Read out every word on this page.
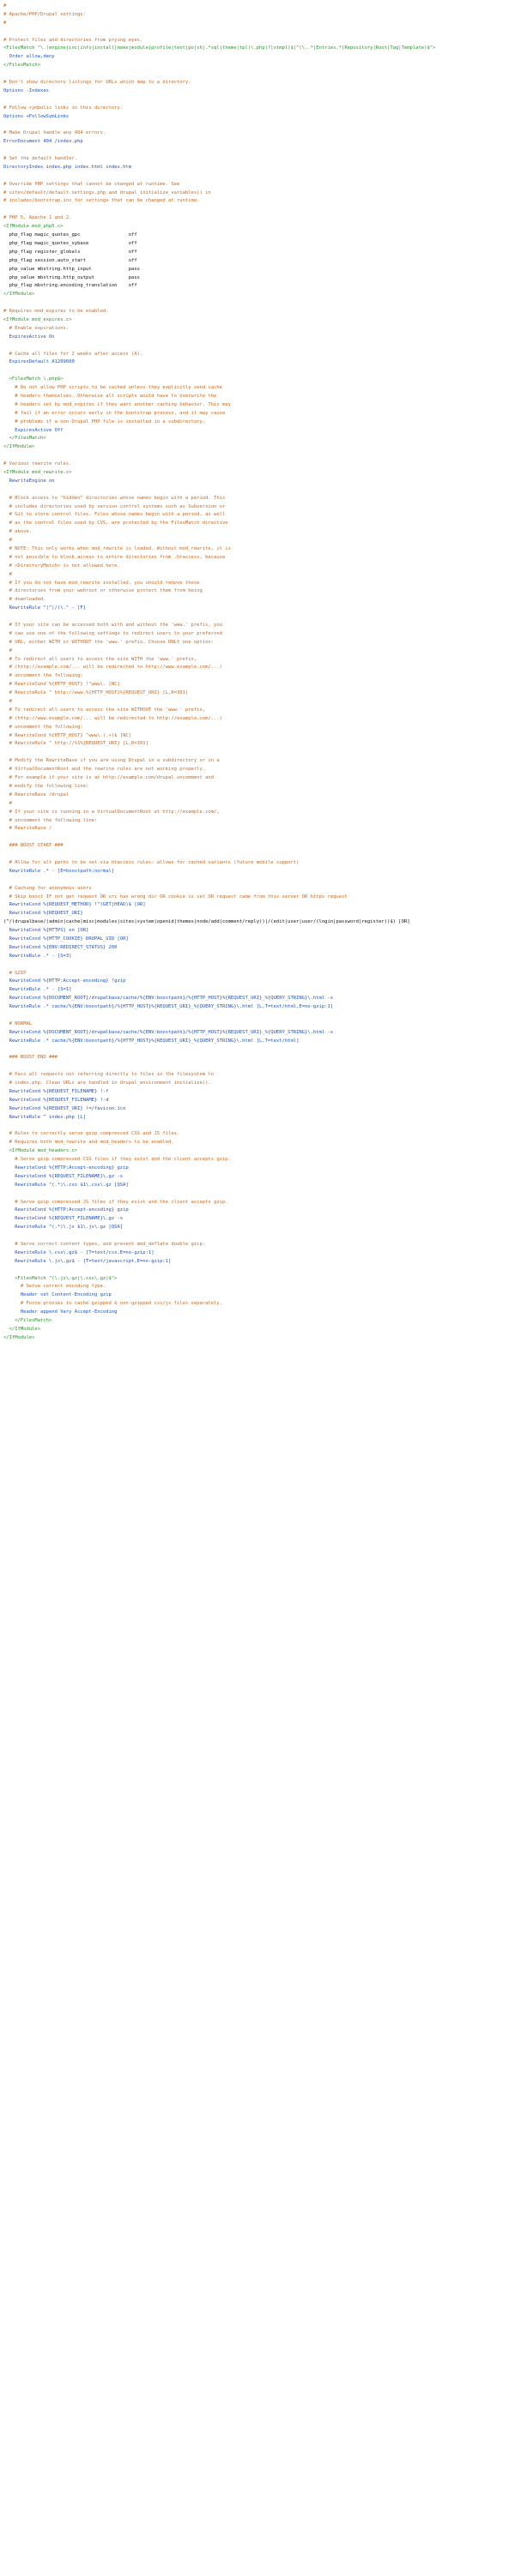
#
# Apache/PHP/Drupal settings:
#
# Protect files and directories from prying eyes.
<FilesMatch "\.(engine|inc|info|install|make|module|profile|test|po|sh|.*sql|theme|tpl(\.php)?|xtmpl)$|^(\..*|Entries.*|Repository|Root|Tag|Template)$">
Order allow,deny
</FilesMatch>
# Don't show directory listings for URLs which map to a directory.
Options -Indexes
# Follow symbolic links in this directory.
Options +FollowSymLinks
# Make Drupal handle any 404 errors.
ErrorDocument 404 /index.php
# Set the default handler.
DirectoryIndex index.php index.html index.htm
# Override PHP settings that cannot be changed at runtime. See
# sites/default/default.settings.php and drupal_initialize_variables() in
# includes/bootstrap.inc for settings that can be changed at runtime.
# PHP 5, Apache 1 and 2.
<IfModule mod_php5.c>
php_flag magic_quotes_gpc                 off
php_flag magic_quotes_sybase              off
php_flag register_globals                 off
php_flag session.auto_start               off
php_value mbstring.http_input             pass
php_value mbstring.http_output            pass
php_flag mbstring.encoding_translation    off
</IfModule>
# Requires mod_expires to be enabled.
<IfModule mod_expires.c>
# Enable expirations.
ExpiresActive On
# Cache all files for 2 weeks after access (A).
ExpiresDefault A1209600
<FilesMatch \.php$>
# Do not allow PHP scripts to be cached unless they explicitly send cache
# headers themselves. Otherwise all scripts would have to overwrite the
# headers set by mod_expires if they want another caching behavior. This may
# fail if an error occurs early in the bootstrap process, and it may cause
# problems if a non-Drupal PHP file is installed in a subdirectory.
ExpiresActive Off
</FilesMatch>
</IfModule>
# Various rewrite rules.
<IfModule mod_rewrite.c>
RewriteEngine on
# Block access to "hidden" directories whose names begin with a period. This
# includes directories used by version control systems such as Subversion or
# Git to store control files. Files whose names begin with a period, as well
# as the control files used by CVS, are protected by the FilesMatch directive
# above.
#
# NOTE: This only works when mod_rewrite is loaded. Without mod_rewrite, it is
# not possible to block access to entire directories from .htaccess, because
# <DirectoryMatch> is not allowed here.
#
# If you do not have mod_rewrite installed, you should remove these
# directories from your webroot or otherwise protect them from being
# downloaded.
RewriteRule "(^|/)\." - [F]
# If your site can be accessed both with and without the 'www.' prefix, you
# can use one of the following settings to redirect users to your preferred
# URL, either WITH or WITHOUT the 'www.' prefix. Choose ONLY one option:
#
# To redirect all users to access the site WITH the 'www.' prefix,
# (http://example.com/... will be redirected to http://www.example.com/...)
# uncomment the following:
# RewriteCond %{HTTP_HOST} !^www\. [NC]
# RewriteRule ^ http://www.%{HTTP_HOST}%{REQUEST_URI} [L,R=301]
#
# To redirect all users to access the site WITHOUT the 'www.' prefix,
# (http://www.example.com/... will be redirected to http://example.com/...)
# uncomment the following:
# RewriteCond %{HTTP_HOST} ^www\.(.+)$ [NC]
# RewriteRule ^ http://%1%{REQUEST_URI} [L,R=301]
# Modify the RewriteBase if you are using Drupal in a subdirectory or in a
# VirtualDocumentRoot and the rewrite rules are not working properly.
# For example if your site is at http://example.com/drupal uncomment and
# modify the following line:
# RewriteBase /drupal
#
# If your site is running in a VirtualDocumentRoot at http://example.com/,
# uncomment the following line:
# RewriteBase /
### BOOST START ###
# Allow for alt paths to be set via htaccess rules; allows for cached variants (future mobile support)
RewriteRule .* - [E=boostpath:normal]
# Caching for anonymous users
# Skip boost IF not get request OR uri has wrong dir OR cookie is set OR request came from this server OR https request
RewriteCond %{REQUEST_METHOD} !^(GET|HEAD)$ [OR]
RewriteCond %{REQUEST_URI}
(^/(drupalbase/(admin|cache|misc|modules|sites|system|openid|themes|node/add|comment/reply))|/(edit|user|user/(login|password|register))$) [OR]
RewriteCond %{HTTPS} on [OR]
RewriteCond %{HTTP_COOKIE} DRUPAL_UID [OR]
RewriteCond %{ENV:REDIRECT_STATUS} 200
RewriteRule .* - [S=3]
# GZIP
RewriteCond %{HTTP:Accept-encoding} !gzip
RewriteRule .* - [S=1]
RewriteCond %{DOCUMENT_ROOT}/drupalbase/cache/%{ENV:boostpath}/%{HTTP_HOST}%{REQUEST_URI}_%{QUERY_STRING}\.html -s
RewriteRule .* cache/%{ENV:boostpath}/%{HTTP_HOST}%{REQUEST_URI}_%{QUERY_STRING}\.html [L,T=text/html,E=no-gzip:1]
# NORMAL
RewriteCond %{DOCUMENT_ROOT}/drupalbase/cache/%{ENV:boostpath}/%{HTTP_HOST}%{REQUEST_URI}_%{QUERY_STRING}\.html -s
RewriteRule .* cache/%{ENV:boostpath}/%{HTTP_HOST}%{REQUEST_URI}_%{QUERY_STRING}\.html [L,T=text/html]
### BOOST END ###
# Pass all requests not referring directly to files in the filesystem to
# index.php. Clean URLs are handled in drupal_environment_initialize().
RewriteCond %{REQUEST_FILENAME} !-f
RewriteCond %{REQUEST_FILENAME} !-d
RewriteCond %{REQUEST_URI} !=/favicon.ico
RewriteRule ^ index.php [L]
# Rules to correctly serve gzip compressed CSS and JS files.
# Requires both mod_rewrite and mod_headers to be enabled.
<IfModule mod_headers.c>
# Serve gzip compressed CSS files if they exist and the client accepts gzip.
RewriteCond %{HTTP:Accept-encoding} gzip
RewriteCond %{REQUEST_FILENAME}\.gz -s
RewriteRule ^(.*)\.css $1\.css\.gz [QSA]
# Serve gzip compressed JS files if they exist and the client accepts gzip.
RewriteCond %{HTTP:Accept-encoding} gzip
RewriteCond %{REQUEST_FILENAME}\.gz -s
RewriteRule ^(.*)\.js $1\.js\.gz [QSA]
# Serve correct content types, and prevent mod_deflate double gzip.
RewriteRule \.css\.gz$ - [T=text/css,E=no-gzip:1]
RewriteRule \.js\.gz$ - [T=text/javascript,E=no-gzip:1]
<FilesMatch "(\.js\.gz|\.css\.gz)$">
# Serve correct encoding type.
Header set Content-Encoding gzip
# Force proxies to cache gzipped & non-gzipped css/js files separately.
Header append Vary Accept-Encoding
</FilesMatch>
</IfModule>
</IfModule>
